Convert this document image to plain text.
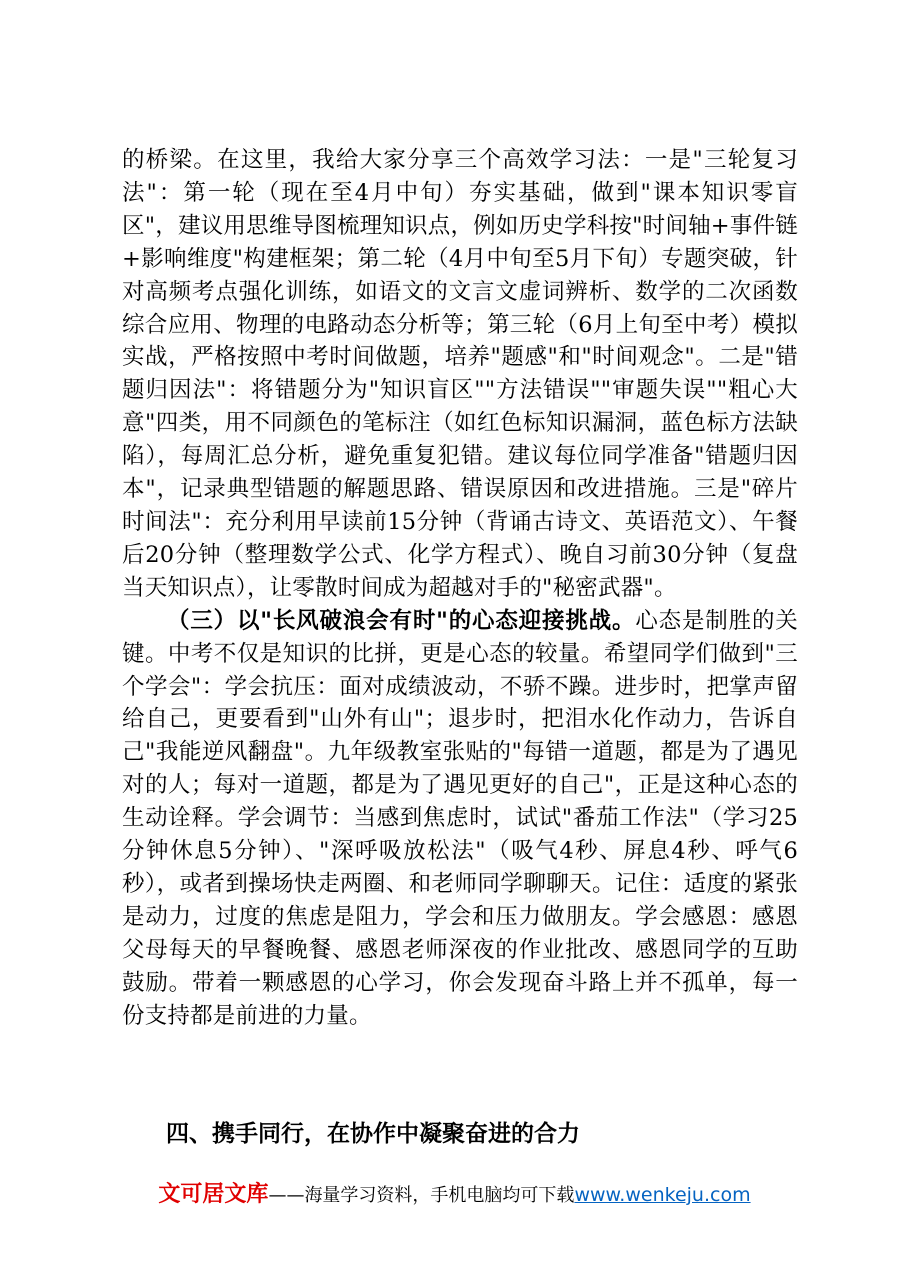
的桥梁。在这里，我给大家分享三个高效学习法：一是"三轮复习法"：第一轮（现在至4月中旬）夯实基础，做到"课本知识零盲区"，建议用思维导图梳理知识点，例如历史学科按"时间轴+事件链+影响维度"构建框架；第二轮（4月中旬至5月下旬）专题突破，针对高频考点强化训练，如语文的文言文虚词辨析、数学的二次函数综合应用、物理的电路动态分析等；第三轮（6月上旬至中考）模拟实战，严格按照中考时间做题，培养"题感"和"时间观念"。二是"错题归因法"：将错题分为"知识盲区""方法错误""审题失误""粗心大意"四类，用不同颜色的笔标注（如红色标知识漏洞，蓝色标方法缺陷），每周汇总分析，避免重复犯错。建议每位同学准备"错题归因本"，记录典型错题的解题思路、错误原因和改进措施。三是"碎片时间法"：充分利用早读前15分钟（背诵古诗文、英语范文）、午餐后20分钟（整理数学公式、化学方程式）、晚自习前30分钟（复盘当天知识点），让零散时间成为超越对手的"秘密武器"。

（三）以"长风破浪会有时"的心态迎接挑战。心态是制胜的关键。中考不仅是知识的比拼，更是心态的较量。希望同学们做到"三个学会"：学会抗压：面对成绩波动，不骄不躁。进步时，把掌声留给自己，更要看到"山外有山"；退步时，把泪水化作动力，告诉自己"我能逆风翻盘"。九年级教室张贴的"每错一道题，都是为了遇见对的人；每对一道题，都是为了遇见更好的自己"，正是这种心态的生动诠释。学会调节：当感到焦虑时，试试"番茄工作法"（学习25分钟休息5分钟）、"深呼吸放松法"（吸气4秒、屏息4秒、呼气6秒），或者到操场快走两圈、和老师同学聊聊天。记住：适度的紧张是动力，过度的焦虑是阻力，学会和压力做朋友。学会感恩：感恩父母每天的早餐晚餐、感恩老师深夜的作业批改、感恩同学的互助鼓励。带着一颗感恩的心学习，你会发现奋斗路上并不孤单，每一份支持都是前进的力量。

四、携手同行，在协作中凝聚奋进的合力
文可居文库——海量学习资料，手机电脑均可下载www.wenkeju.com
